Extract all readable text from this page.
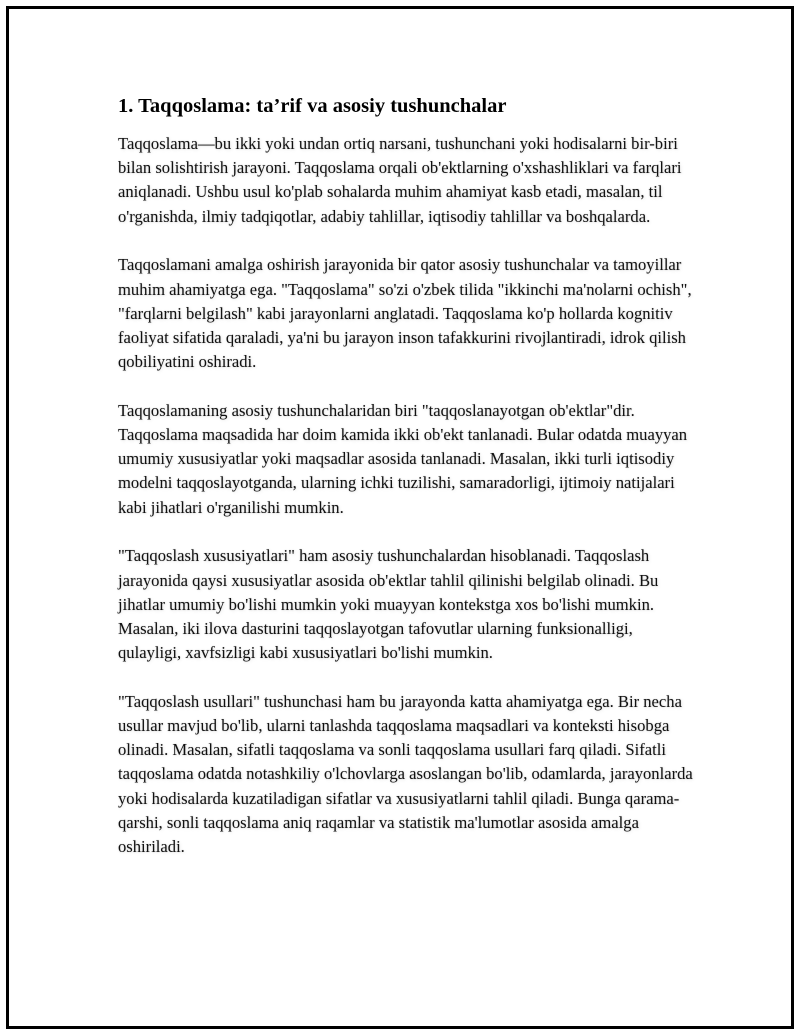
1. Taqqoslama: ta’rif va asosiy tushunchalar

Taqqoslama—bu ikki yoki undan ortiq narsani, tushunchani yoki hodisalarni bir-biri bilan solishtirish jarayoni. Taqqoslama orqali ob'ektlarning o'xshashliklari va farqlari aniqlanadi. Ushbu usul ko'plab sohalarda muhim ahamiyat kasb etadi, masalan, til o'rganishda, ilmiy tadqiqotlar, adabiy tahlillar, iqtisodiy tahlillar va boshqalarda.

Taqqoslamani amalga oshirish jarayonida bir qator asosiy tushunchalar va tamoyillar muhim ahamiyatga ega. "Taqqoslama" so'zi o'zbek tilida "ikkinchi ma'nolarni ochish", "farqlarni belgilash" kabi jarayonlarni anglatadi. Taqqoslama ko'p hollarda kognitiv faoliyat sifatida qaraladi, ya'ni bu jarayon inson tafakkurini rivojlantiradi, idrok qilish qobiliyatini oshiradi.

Taqqoslamaning asosiy tushunchalaridan biri "taqqoslanayotgan ob'ektlar"dir. Taqqoslama maqsadida har doim kamida ikki ob'ekt tanlanadi. Bular odatda muayyan umumiy xususiyatlar yoki maqsadlar asosida tanlanadi. Masalan, ikki turli iqtisodiy modelni taqqoslayotganda, ularning ichki tuzilishi, samaradorligi, ijtimoiy natijalari kabi jihatlari o'rganilishi mumkin.

"Taqqoslash xususiyatlari" ham asosiy tushunchalardan hisoblanadi. Taqqoslash jarayonida qaysi xususiyatlar asosida ob'ektlar tahlil qilinishi belgilab olinadi. Bu jihatlar umumiy bo'lishi mumkin yoki muayyan kontekstga xos bo'lishi mumkin. Masalan, iki ilova dasturini taqqoslayotgan tafovutlar ularning funksionalligi, qulayligi, xavfsizligi kabi xususiyatlari bo'lishi mumkin.

"Taqqoslash usullari" tushunchasi ham bu jarayonda katta ahamiyatga ega. Bir necha usullar mavjud bo'lib, ularni tanlashda taqqoslama maqsadlari va konteksti hisobga olinadi. Masalan, sifatli taqqoslama va sonli taqqoslama usullari farq qiladi. Sifatli taqqoslama odatda notashkiliy o'lchovlarga asoslangan bo'lib, odamlarda, jarayonlarda yoki hodisalarda kuzatiladigan sifatlar va xususiyatlarni tahlil qiladi. Bunga qarama-qarshi, sonli taqqoslama aniq raqamlar va statistik ma'lumotlar asosida amalga oshiriladi.
